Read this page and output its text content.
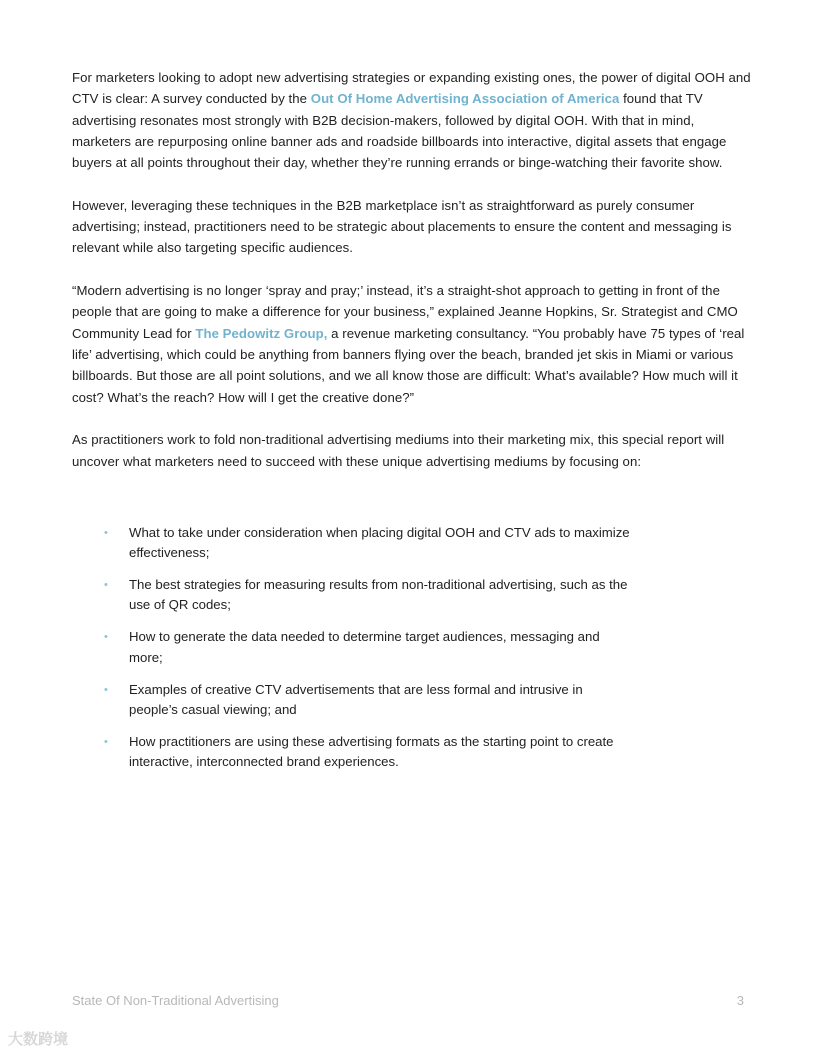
For marketers looking to adopt new advertising strategies or expanding existing ones, the power of digital OOH and CTV is clear: A survey conducted by the Out Of Home Advertising Association of America found that TV advertising resonates most strongly with B2B decision-makers, followed by digital OOH. With that in mind, marketers are repurposing online banner ads and roadside billboards into interactive, digital assets that engage buyers at all points throughout their day, whether they’re running errands or binge-watching their favorite show.

However, leveraging these techniques in the B2B marketplace isn’t as straightforward as purely consumer advertising; instead, practitioners need to be strategic about placements to ensure the content and messaging is relevant while also targeting specific audiences.

“Modern advertising is no longer ‘spray and pray;’ instead, it’s a straight-shot approach to getting in front of the people that are going to make a difference for your business,” explained Jeanne Hopkins, Sr. Strategist and CMO Community Lead for The Pedowitz Group, a revenue marketing consultancy. “You probably have 75 types of ‘real life’ advertising, which could be anything from banners flying over the beach, branded jet skis in Miami or various billboards. But those are all point solutions, and we all know those are difficult: What’s available? How much will it cost? What’s the reach? How will I get the creative done?”

As practitioners work to fold non-traditional advertising mediums into their marketing mix, this special report will uncover what marketers need to succeed with these unique advertising mediums by focusing on:

• What to take under consideration when placing digital OOH and CTV ads to maximize effectiveness;
• The best strategies for measuring results from non-traditional advertising, such as the use of QR codes;
• How to generate the data needed to determine target audiences, messaging and more;
• Examples of creative CTV advertisements that are less formal and intrusive in people’s casual viewing; and
• How practitioners are using these advertising formats as the starting point to create interactive, interconnected brand experiences.
State Of Non-Traditional Advertising	3
大数跨境
